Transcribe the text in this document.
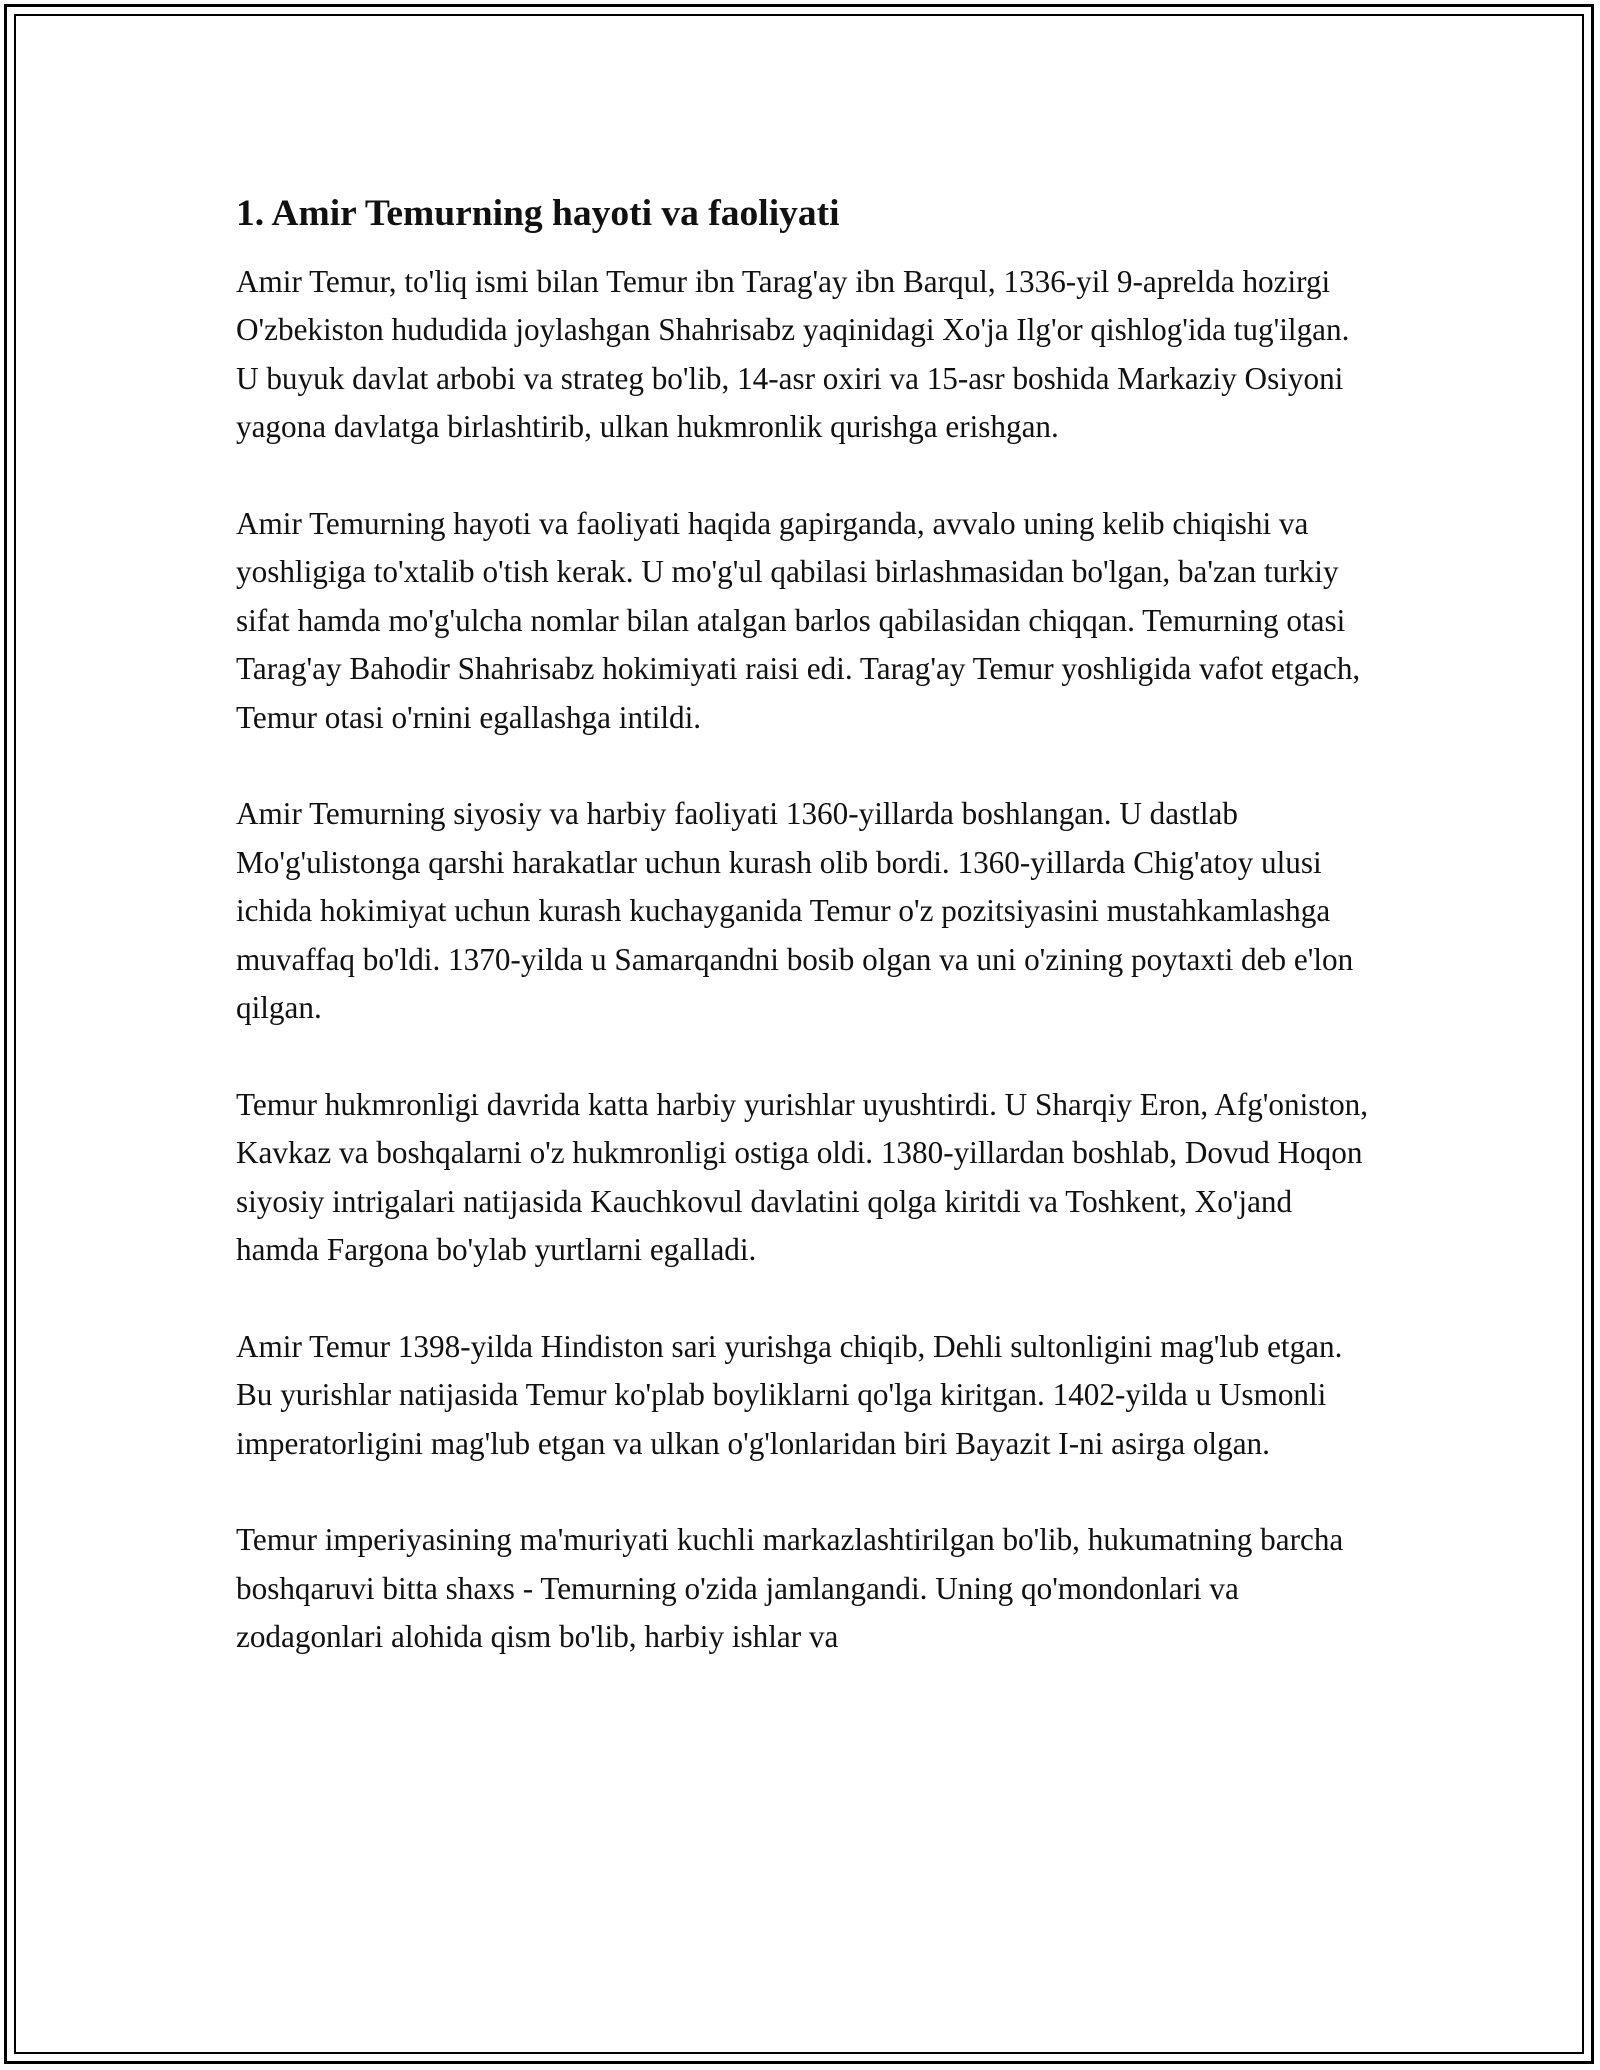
1. Amir Temurning hayoti va faoliyati

Amir Temur, to'liq ismi bilan Temur ibn Tarag'ay ibn Barqul, 1336-yil 9-aprelda hozirgi O'zbekiston hududida joylashgan Shahrisabz yaqinidagi Xo'ja Ilg'or qishlog'ida tug'ilgan. U buyuk davlat arbobi va strateg bo'lib, 14-asr oxiri va 15-asr boshida Markaziy Osiyoni yagona davlatga birlashtirib, ulkan hukmronlik qurishga erishgan.

Amir Temurning hayoti va faoliyati haqida gapirganda, avvalo uning kelib chiqishi va yoshligiga to'xtalib o'tish kerak. U mo'g'ul qabilasi birlashmasidan bo'lgan, ba'zan turkiy sifat hamda mo'g'ulcha nomlar bilan atalgan barlos qabilasidan chiqqan. Temurning otasi Tarag'ay Bahodir Shahrisabz hokimiyati raisi edi. Tarag'ay Temur yoshligida vafot etgach, Temur otasi o'rnini egallashga intildi.

Amir Temurning siyosiy va harbiy faoliyati 1360-yillarda boshlangan. U dastlab Mo'g'ulistonga qarshi harakatlar uchun kurash olib bordi. 1360-yillarda Chig'atoy ulusi ichida hokimiyat uchun kurash kuchayganida Temur o'z pozitsiyasini mustahkamlashga muvaffaq bo'ldi. 1370-yilda u Samarqandni bosib olgan va uni o'zining poytaxti deb e'lon qilgan.

Temur hukmronligi davrida katta harbiy yurishlar uyushtirdi. U Sharqiy Eron, Afg'oniston, Kavkaz va boshqalarni o'z hukmronligi ostiga oldi. 1380-yillardan boshlab, Dovud Hoqon siyosiy intrigalari natijasida Kauchkovul davlatini qolga kiritdi va Toshkent, Xo'jand hamda Fargona bo'ylab yurtlarni egalladi.

Amir Temur 1398-yilda Hindiston sari yurishga chiqib, Dehli sultonligini mag'lub etgan. Bu yurishlar natijasida Temur ko'plab boyliklarni qo'lga kiritgan. 1402-yilda u Usmonli imperatorligini mag'lub etgan va ulkan o'g'lonlaridan biri Bayazit I-ni asirga olgan.

Temur imperiyasining ma'muriyati kuchli markazlashtirilgan bo'lib, hukumatning barcha boshqaruvi bitta shaxs - Temurning o'zida jamlangandi. Uning qo'mondonlari va zodagonlari alohida qism bo'lib, harbiy ishlar va
